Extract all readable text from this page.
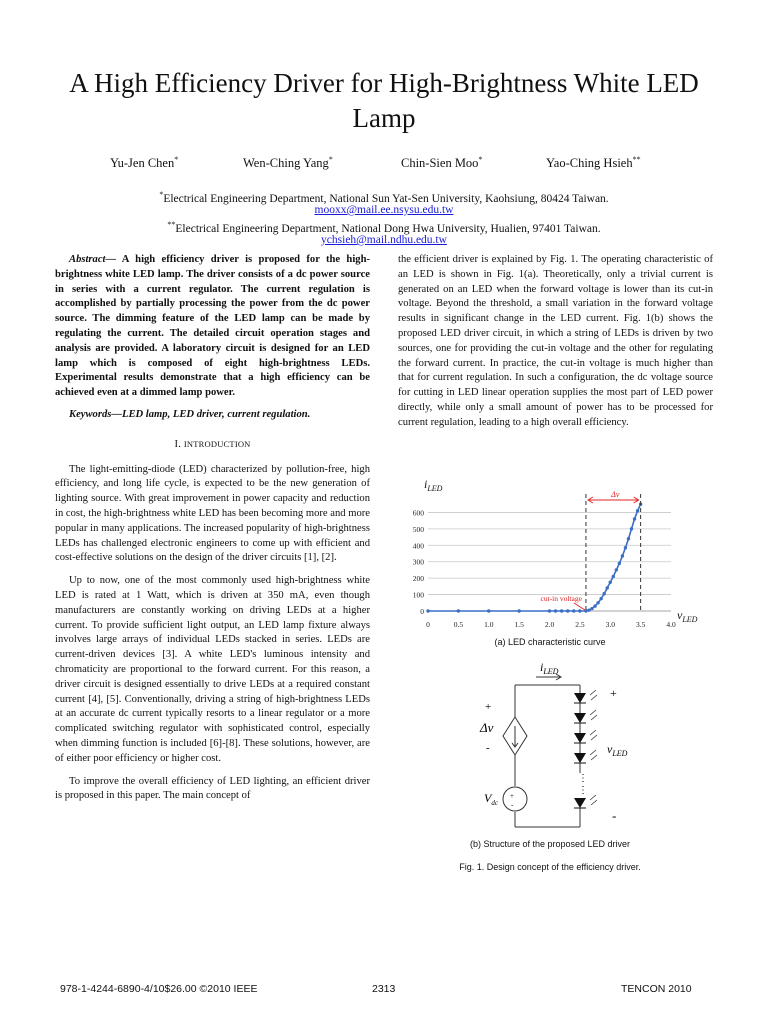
A High Efficiency Driver for High-Brightness White LED Lamp
Yu-Jen Chen*	Wen-Ching Yang*	Chin-Sien Moo*	Yao-Ching Hsieh**
*Electrical Engineering Department, National Sun Yat-Sen University, Kaohsiung, 80424 Taiwan.
mooxx@mail.ee.nsysu.edu.tw
**Electrical Engineering Department, National Dong Hwa University, Hualien, 97401 Taiwan.
ychsieh@mail.ndhu.edu.tw

Abstract— A high efficiency driver is proposed for the high-brightness white LED lamp. The driver consists of a dc power source in series with a current regulator. The current regulation is accomplished by partially processing the power from the dc power source. The dimming feature of the LED lamp can be made by regulating the current. The detailed circuit operation stages and analysis are provided. A laboratory circuit is designed for an LED lamp which is composed of eight high-brightness LEDs. Experimental results demonstrate that a high efficiency can be achieved even at a dimmed lamp power.

Keywords—LED lamp, LED driver, current regulation.

I. INTRODUCTION

The light-emitting-diode (LED) characterized by pollution-free, high efficiency, and long life cycle, is expected to be the new generation of lighting source. With great improvement in power capacity and reduction in cost, the high-brightness white LED has been becoming more and more popular in many applications. The increased popularity of high-brightness LEDs has challenged electronic engineers to come up with efficient and cost-effective solutions on the design of the driver circuits [1], [2].

Up to now, one of the most commonly used high-brightness white LED is rated at 1 Watt, which is driven at 350 mA, even though manufacturers are constantly working on driving LEDs at a higher current. To provide sufficient light output, an LED lamp fixture always involves large arrays of individual LEDs stacked in series. LEDs are current-driven devices [3]. A white LED's luminous intensity and chromaticity are proportional to the forward current. For this reason, a driver circuit is designed essentially to drive LEDs at a required constant current [4], [5]. Conventionally, driving a string of high-brightness LEDs at an accurate dc current typically resorts to a linear regulator or a more complicated switching regulator with sophisticated control, especially when dimming function is included [6]-[8]. These solutions, however, are of either poor efficiency or higher cost.

To improve the overall efficiency of LED lighting, an efficient driver is proposed in this paper. The main concept of

the efficient driver is explained by Fig. 1. The operating characteristic of an LED is shown in Fig. 1(a). Theoretically, only a trivial current is generated on an LED when the forward voltage is lower than its cut-in voltage. Beyond the threshold, a small variation in the forward voltage results in significant change in the LED current. Fig. 1(b) shows the proposed LED driver circuit, in which a string of LEDs is driven by two sources, one for providing the cut-in voltage and the other for regulating the forward current. In practice, the cut-in voltage is much higher than that for current regulation. In such a configuration, the dc voltage source for cutting in LED linear operation supplies the most part of LED power directly, while only a small amount of power has to be processed for current regulation, leading to a high overall efficiency.

0
100
200
300
400
500
600
0	0.5	1.0	1.5	2.0	2.5	3.0	3.5	4.0
$i_{LED}$
$v_{LED}$
Δv
cut-in voltage
(a) LED characteristic curve
$i_{LED}$
+
Δv
-
+
-
$V_{dc}$
⋮
⋮
+
$v_{LED}$
-
(b) Structure of the proposed LED driver
Fig. 1. Design concept of the efficiency driver.
978-1-4244-6890-4/10$26.00 ©2010 IEEE	2313	TENCON 2010
